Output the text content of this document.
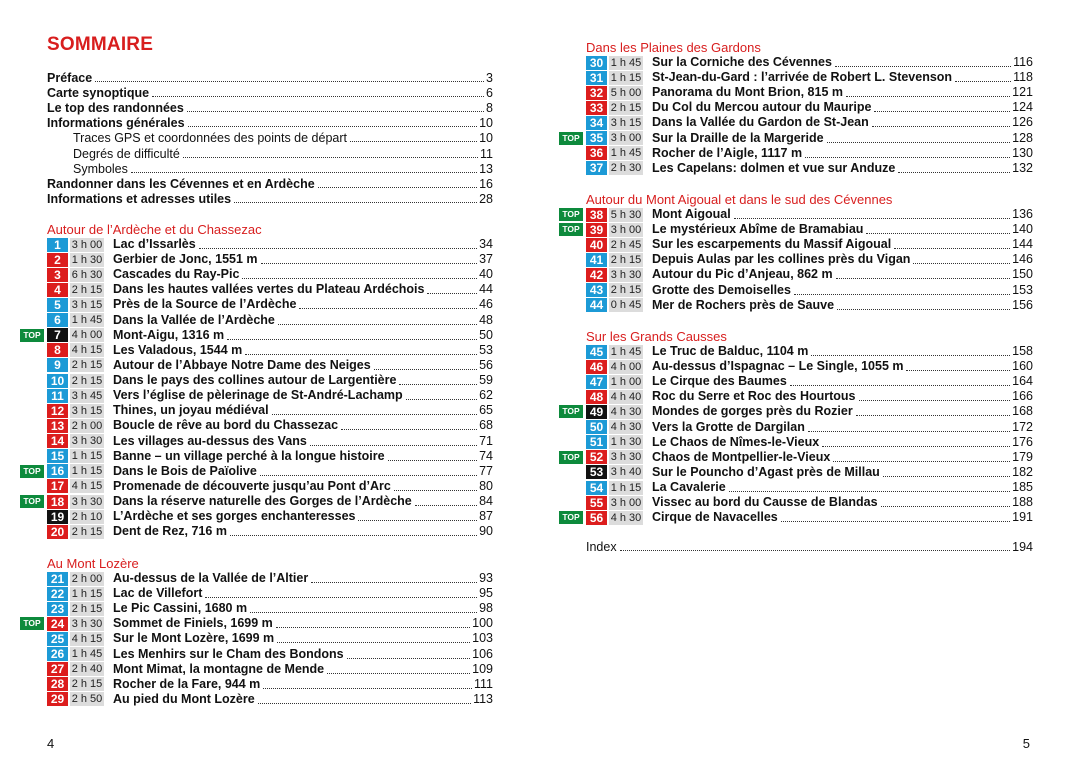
SOMMAIRE
Préface	3
Carte synoptique	6
Le top des randonnées	8
Informations générales	10
Traces GPS et coordonnées des points de départ	10
Degrés de difficulté	11
Symboles	13
Randonner dans les Cévennes et en Ardèche	16
Informations et adresses utiles	28
Autour de l’Ardèche et du Chassezac
1 3 h 00 Lac d’Issarlès	34
2 1 h 30 Gerbier de Jonc, 1551 m	37
3 6 h 30 Cascades du Ray-Pic	40
4 2 h 15 Dans les hautes vallées vertes du Plateau Ardéchois	44
5 3 h 15 Près de la Source de l’Ardèche	46
6 1 h 45 Dans la Vallée de l’Ardèche	48
TOP	7 4 h 00 Mont-Aigu, 1316 m	50
8 4 h 15 Les Valadous, 1544 m	53
9 2 h 15 Autour de l’Abbaye Notre Dame des Neiges	56
10 2 h 15 Dans le pays des collines autour de Largentière	59
11 3 h 45 Vers l’église de pèlerinage de St-André-Lachamp	62
12 3 h 15 Thines, un joyau médiéval	65
13 2 h 00 Boucle de rêve au bord du Chassezac	68
14 3 h 30 Les villages au-dessus des Vans	71
15 1 h 15 Banne – un village perché à la longue histoire	74
TOP 16 1 h 15 Dans le Bois de Païolive	77
17 4 h 15 Promenade de découverte jusqu’au Pont d’Arc	80
TOP 18 3 h 30 Dans la réserve naturelle des Gorges de l’Ardèche	84
19 2 h 10 L’Ardèche et ses gorges enchanteresses	87
20 2 h 15 Dent de Rez, 716 m	90
Au Mont Lozère
21 2 h 00 Au-dessus de la Vallée de l’Altier	93
22 1 h 15 Lac de Villefort	95
23 2 h 15 Le Pic Cassini, 1680 m	98
TOP 24 3 h 30 Sommet de Finiels, 1699 m	100
25 4 h 15 Sur le Mont Lozère, 1699 m	103
26 1 h 45 Les Menhirs sur le Cham des Bondons	106
27 2 h 40 Mont Mimat, la montagne de Mende	109
28 2 h 15 Rocher de la Fare, 944 m	111
29 2 h 50 Au pied du Mont Lozère	113
4
Dans les Plaines des Gardons
30 1 h 45 Sur la Corniche des Cévennes	116
31 1 h 15 St-Jean-du-Gard : l’arrivée de Robert L. Stevenson	118
32 5 h 00 Panorama du Mont Brion, 815 m	121
33 2 h 15 Du Col du Mercou autour du Mauripe	124
34 3 h 15 Dans la Vallée du Gardon de St-Jean	126
TOP 35 3 h 00 Sur la Draille de la Margeride	128
36 1 h 45 Rocher de l’Aigle, 1117 m	130
37 2 h 30 Les Capelans: dolmen et vue sur Anduze	132
Autour du Mont Aigoual et dans le sud des Cévennes
TOP 38 5 h 30 Mont Aigoual	136
TOP 39 3 h 00 Le mystérieux Abîme de Bramabiau	140
40 2 h 45 Sur les escarpements du Massif Aigoual	144
41 2 h 15 Depuis Aulas par les collines près du Vigan	146
42 3 h 30 Autour du Pic d’Anjeau, 862 m	150
43 2 h 15 Grotte des Demoiselles	153
44 0 h 45 Mer de Rochers près de Sauve	156
Sur les Grands Causses
45 1 h 45 Le Truc de Balduc, 1104 m	158
46 4 h 00 Au-dessus d’Ispagnac – Le Single, 1055 m	160
47 1 h 00 Le Cirque des Baumes	164
48 4 h 40 Roc du Serre et Roc des Hourtous	166
TOP 49 4 h 30 Mondes de gorges près du Rozier	168
50 4 h 30 Vers la Grotte de Dargilan	172
51 1 h 30 Le Chaos de Nîmes-le-Vieux	176
TOP 52 3 h 30 Chaos de Montpellier-le-Vieux	179
53 3 h 40 Sur le Pouncho d’Agast près de Millau	182
54 1 h 15 La Cavalerie	185
55 3 h 00 Vissec au bord du Causse de Blandas	188
TOP 56 4 h 30 Cirque de Navacelles	191
Index	194
5
